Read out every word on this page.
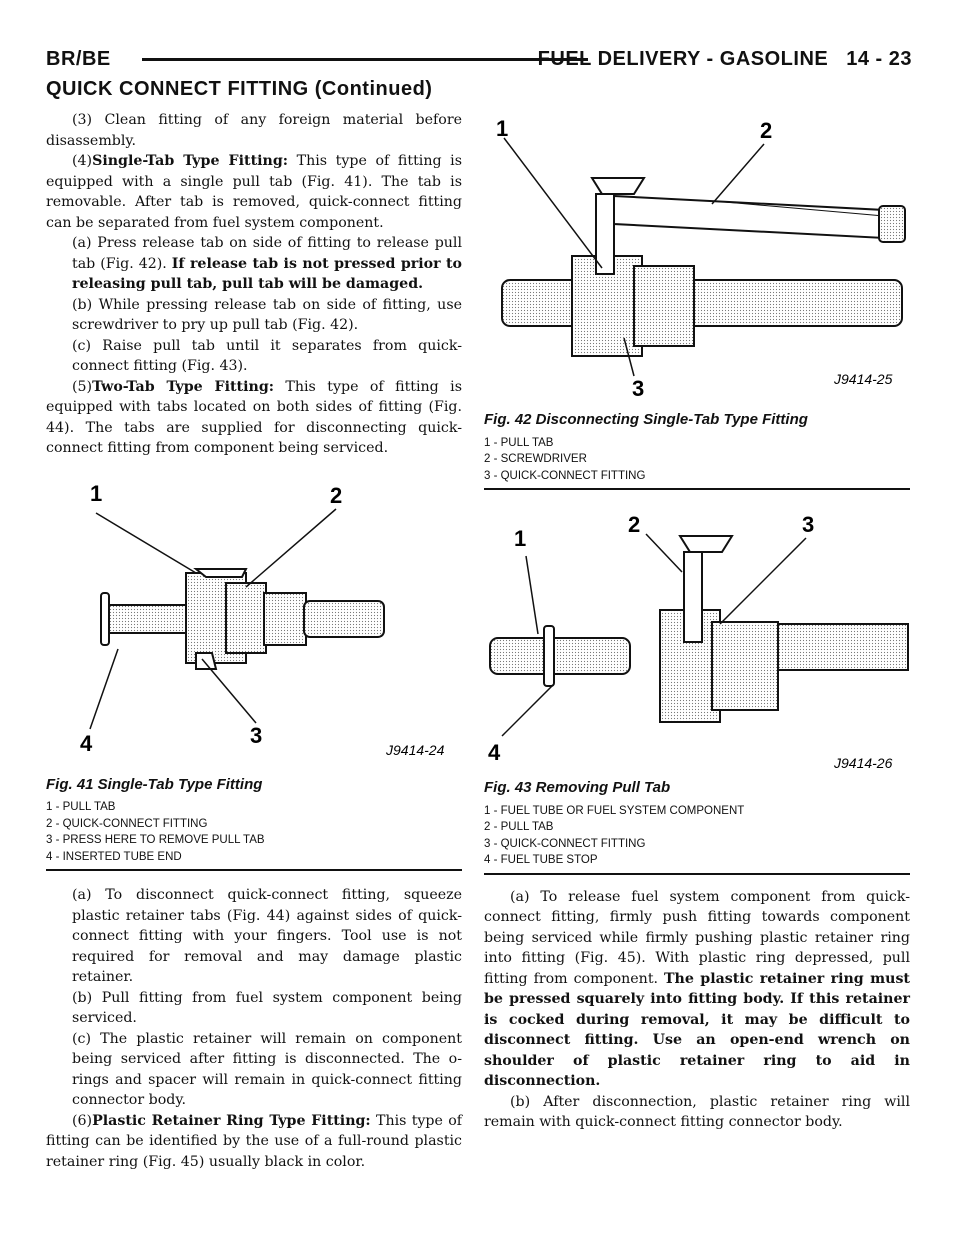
BR/BE	FUEL DELIVERY - GASOLINE 14 - 23
QUICK CONNECT FITTING (Continued)

(3) Clean fitting of any foreign material before disassembly.

(4)Single-Tab Type Fitting: This type of fitting is equipped with a single pull tab (Fig. 41). The tab is removable. After tab is removed, quick-connect fitting can be separated from fuel system component.

(a) Press release tab on side of fitting to release pull tab (Fig. 42). If release tab is not pressed prior to releasing pull tab, pull tab will be damaged.

(b) While pressing release tab on side of fitting, use screwdriver to pry up pull tab (Fig. 42).

(c) Raise pull tab until it separates from quick-connect fitting (Fig. 43).

(5)Two-Tab Type Fitting: This type of fitting is equipped with tabs located on both sides of fitting (Fig. 44). The tabs are supplied for disconnecting quick-connect fitting from component being serviced.

1	2
3
4	J9414-24
Fig. 41 Single-Tab Type Fitting
1 - PULL TAB
2 - QUICK-CONNECT FITTING
3 - PRESS HERE TO REMOVE PULL TAB
4 - INSERTED TUBE END

(a) To disconnect quick-connect fitting, squeeze plastic retainer tabs (Fig. 44) against sides of quick-connect fitting with your fingers. Tool use is not required for removal and may damage plastic retainer.

(b) Pull fitting from fuel system component being serviced.

(c) The plastic retainer will remain on component being serviced after fitting is disconnected. The o-rings and spacer will remain in quick-connect fitting connector body.

(6)Plastic Retainer Ring Type Fitting: This type of fitting can be identified by the use of a full-round plastic retainer ring (Fig. 45) usually black in color.

1	2
3	J9414-25
Fig. 42 Disconnecting Single-Tab Type Fitting
1 - PULL TAB
2 - SCREWDRIVER
3 - QUICK-CONNECT FITTING
1
2	3
4	J9414-26
Fig. 43 Removing Pull Tab
1 - FUEL TUBE OR FUEL SYSTEM COMPONENT
2 - PULL TAB
3 - QUICK-CONNECT FITTING
4 - FUEL TUBE STOP

(a) To release fuel system component from quick-connect fitting, firmly push fitting towards component being serviced while firmly pushing plastic retainer ring into fitting (Fig. 45). With plastic ring depressed, pull fitting from component. The plastic retainer ring must be pressed squarely into fitting body. If this retainer is cocked during removal, it may be difficult to disconnect fitting. Use an open-end wrench on shoulder of plastic retainer ring to aid in disconnection.

(b) After disconnection, plastic retainer ring will remain with quick-connect fitting connector body.
